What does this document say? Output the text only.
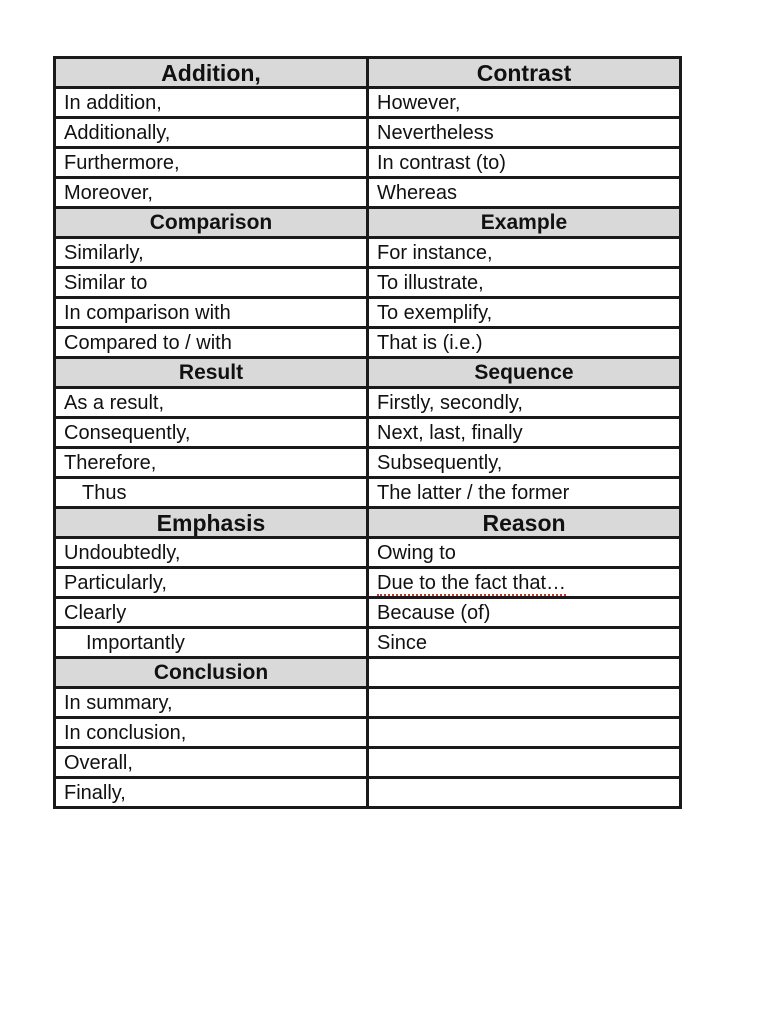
Addition,	Contrast
In addition,	However,
Additionally,	Nevertheless
Furthermore,	In contrast (to)
Moreover,	Whereas
Comparison	Example
Similarly,	For instance,
Similar to	To illustrate,
In comparison with	To exemplify,
Compared to / with	That is (i.e.)
Result	Sequence
As a result,	Firstly, secondly,
Consequently,	Next, last, finally
Therefore,	Subsequently,
Thus	The latter / the former
Emphasis	Reason
Undoubtedly,	Owing to
Particularly,	Due to the fact that…
Clearly	Because (of)
Importantly	Since
Conclusion	
In summary,	
In conclusion,	
Overall,	
Finally,	
